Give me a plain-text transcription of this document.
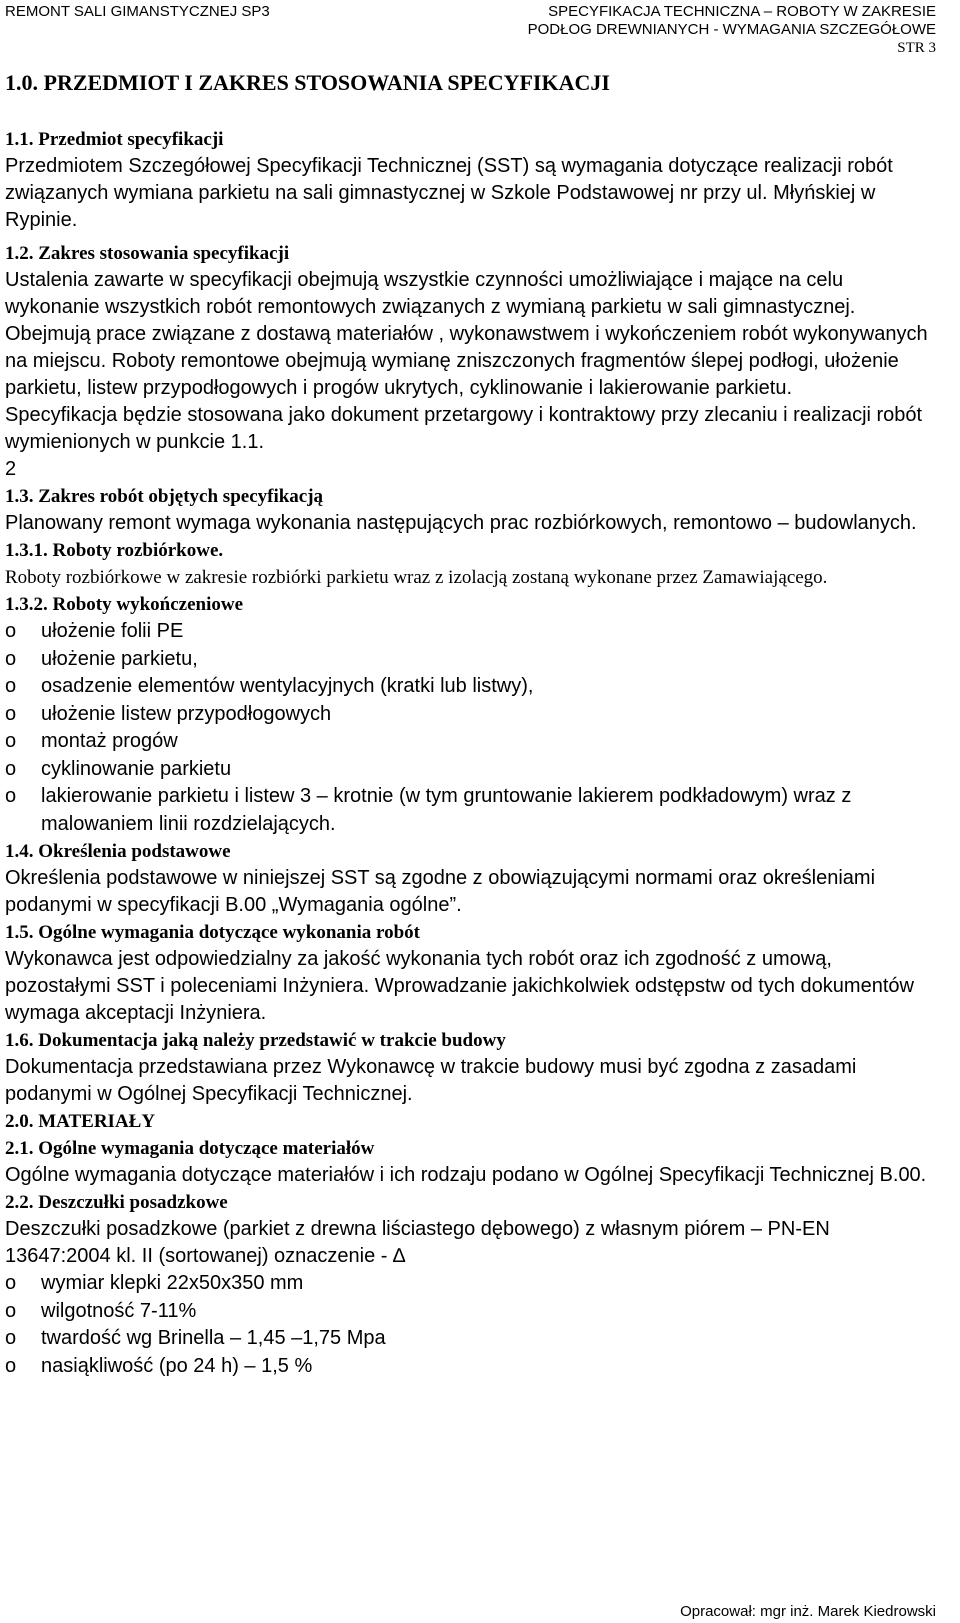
REMONT SALI GIMANSTYCZNEJ SP3	SPECYFIKACJA TECHNICZNA – ROBOTY W ZAKRESIE
PODŁOG DREWNIANYCH - WYMAGANIA SZCZEGÓŁOWE
STR 3
1.0. PRZEDMIOT I ZAKRES STOSOWANIA SPECYFIKACJI

1.1. Przedmiot specyfikacji

Przedmiotem Szczegółowej Specyfikacji Technicznej (SST) są wymagania dotyczące realizacji robót związanych wymiana parkietu na sali gimnastycznej w Szkole Podstawowej nr przy ul. Młyńskiej w Rypinie.

1.2. Zakres stosowania specyfikacji

Ustalenia zawarte w specyfikacji obejmują wszystkie czynności umożliwiające i mające na celu wykonanie wszystkich robót remontowych związanych z wymianą parkietu w sali gimnastycznej. Obejmują prace związane z dostawą materiałów , wykonawstwem i wykończeniem robót wykonywanych na miejscu. Roboty remontowe obejmują wymianę zniszczonych fragmentów ślepej podłogi, ułożenie parkietu, listew przypodłogowych i progów ukrytych, cyklinowanie i lakierowanie parkietu.

Specyfikacja będzie stosowana jako dokument przetargowy i kontraktowy przy zlecaniu i realizacji robót wymienionych w punkcie 1.1.

2

1.3. Zakres robót objętych specyfikacją

Planowany remont wymaga wykonania następujących prac rozbiórkowych, remontowo – budowlanych.

1.3.1. Roboty rozbiórkowe.

Roboty rozbiórkowe w zakresie rozbiórki parkietu wraz z izolacją zostaną wykonane przez Zamawiającego.

1.3.2. Roboty wykończeniowe

o ułożenie folii PE
o ułożenie parkietu,
o osadzenie elementów wentylacyjnych (kratki lub listwy),
o ułożenie listew przypodłogowych
o montaż progów
o cyklinowanie parkietu
o lakierowanie parkietu i listew 3 – krotnie (w tym gruntowanie lakierem podkładowym) wraz z malowaniem linii rozdzielających.

1.4. Określenia podstawowe

Określenia podstawowe w niniejszej SST są zgodne z obowiązującymi normami oraz określeniami podanymi w specyfikacji B.00 „Wymagania ogólne”.

1.5. Ogólne wymagania dotyczące wykonania robót

Wykonawca jest odpowiedzialny za jakość wykonania tych robót oraz ich zgodność z umową, pozostałymi SST i poleceniami Inżyniera. Wprowadzanie jakichkolwiek odstępstw od tych dokumentów wymaga akceptacji Inżyniera.

1.6. Dokumentacja jaką należy przedstawić w trakcie budowy

Dokumentacja przedstawiana przez Wykonawcę w trakcie budowy musi być zgodna z zasadami podanymi w Ogólnej Specyfikacji Technicznej.

2.0. MATERIAŁY

2.1. Ogólne wymagania dotyczące materiałów

Ogólne wymagania dotyczące materiałów i ich rodzaju podano w Ogólnej Specyfikacji Technicznej B.00.

2.2. Deszczułki posadzkowe

Deszczułki posadzkowe (parkiet z drewna liściastego dębowego) z własnym piórem – PN-EN 13647:2004 kl. II (sortowanej) oznaczenie - ∆

o wymiar klepki 22x50x350 mm
o wilgotność 7-11%
o twardość wg Brinella – 1,45 –1,75 Mpa
o nasiąkliwość (po 24 h) – 1,5 %
Opracował: mgr inż. Marek Kiedrowski
